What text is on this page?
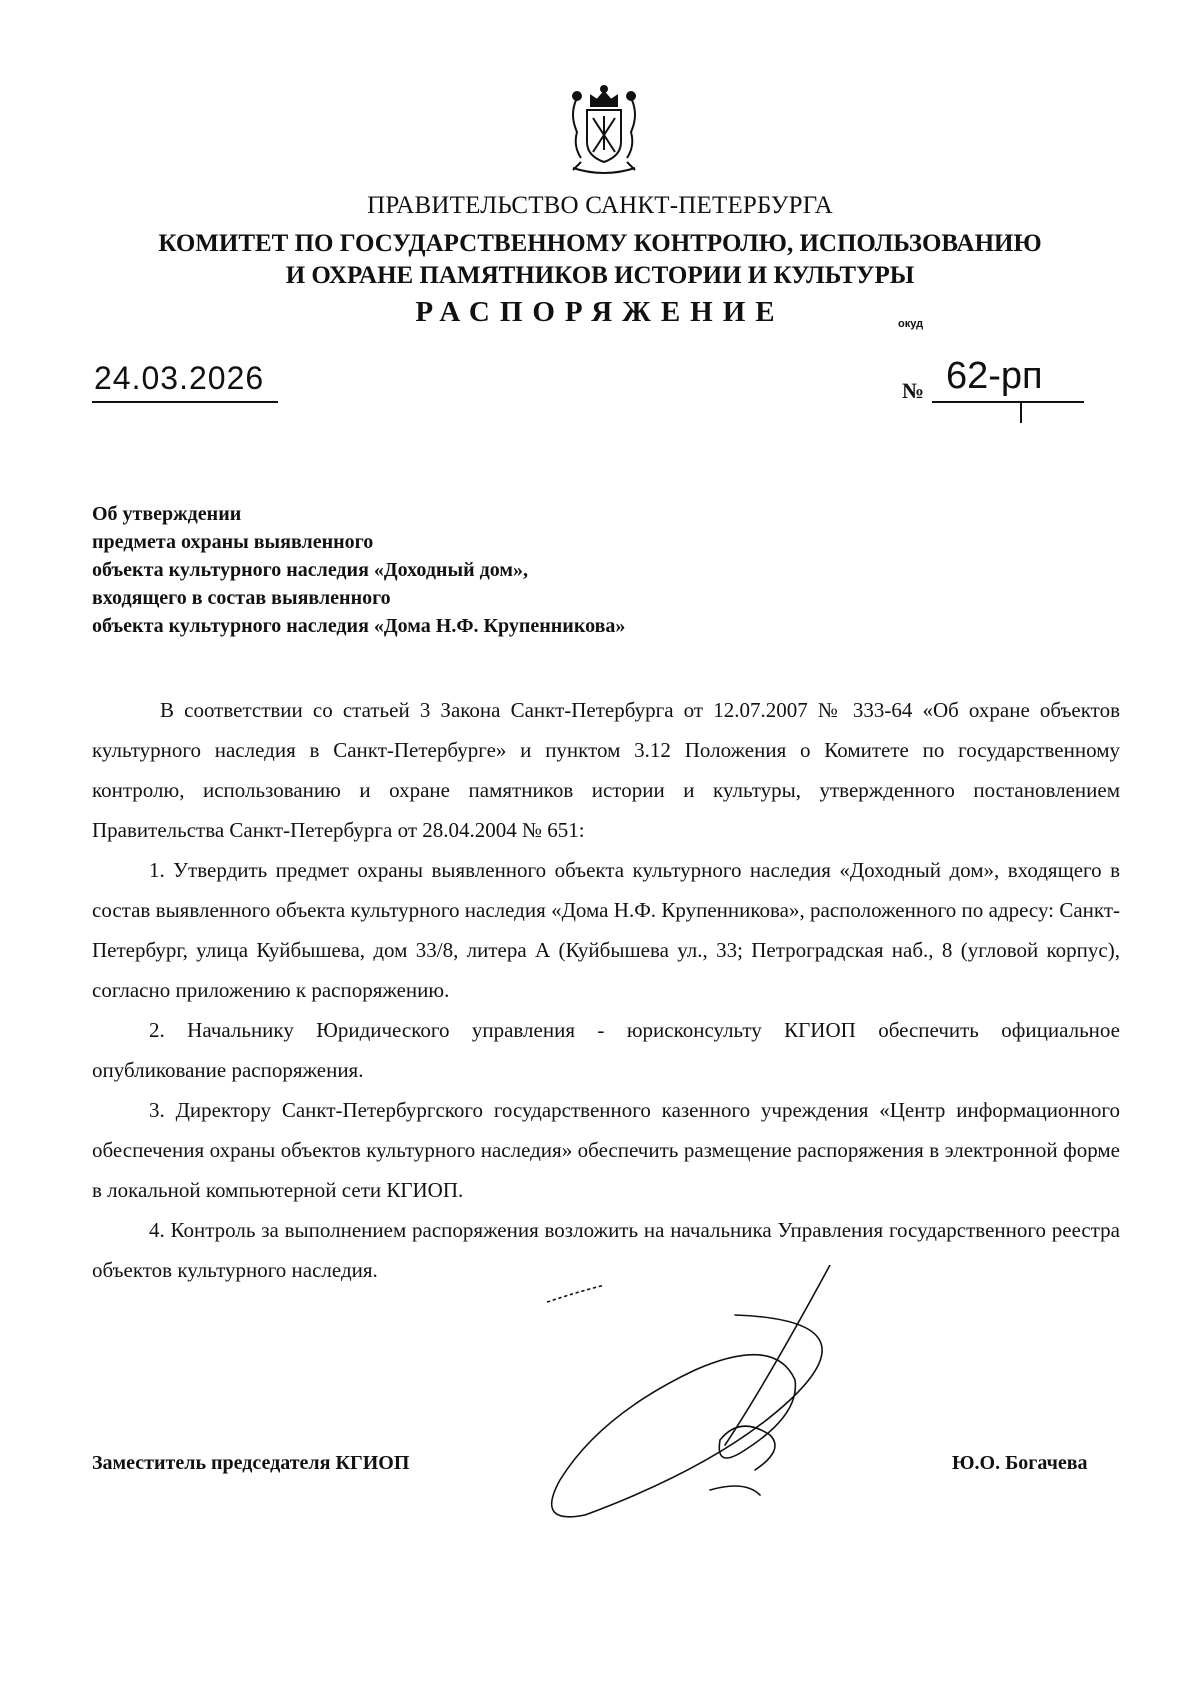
ПРАВИТЕЛЬСТВО САНКТ-ПЕТЕРБУРГА
КОМИТЕТ ПО ГОСУДАРСТВЕННОМУ КОНТРОЛЮ, ИСПОЛЬЗОВАНИЮ
И ОХРАНЕ ПАМЯТНИКОВ ИСТОРИИ И КУЛЬТУРЫ
РАСПОРЯЖЕНИЕ	окуд
24.03.2026	№ 62-рп
Об утверждении
предмета охраны выявленного
объекта культурного наследия «Доходный дом»,
входящего в состав выявленного
объекта культурного наследия «Дома Н.Ф. Крупенникова»

В соответствии со статьей 3 Закона Санкт-Петербурга от 12.07.2007 № 333-64 «Об охране объектов культурного наследия в Санкт-Петербурге» и пунктом 3.12 Положения о Комитете по государственному контролю, использованию и охране памятников истории и культуры, утвержденного постановлением Правительства Санкт-Петербурга от 28.04.2004 № 651:

1. Утвердить предмет охраны выявленного объекта культурного наследия «Доходный дом», входящего в состав выявленного объекта культурного наследия «Дома Н.Ф. Крупенникова», расположенного по адресу: Санкт-Петербург, улица Куйбышева, дом 33/8, литера А (Куйбышева ул., 33; Петроградская наб., 8 (угловой корпус), согласно приложению к распоряжению.

2. Начальнику Юридического управления - юрисконсульту КГИОП обеспечить официальное опубликование распоряжения.

3. Директору Санкт-Петербургского государственного казенного учреждения «Центр информационного обеспечения охраны объектов культурного наследия» обеспечить размещение распоряжения в электронной форме в локальной компьютерной сети КГИОП.

4. Контроль за выполнением распоряжения возложить на начальника Управления государственного реестра объектов культурного наследия.

Заместитель председателя КГИОП	Ю.О. Богачева
